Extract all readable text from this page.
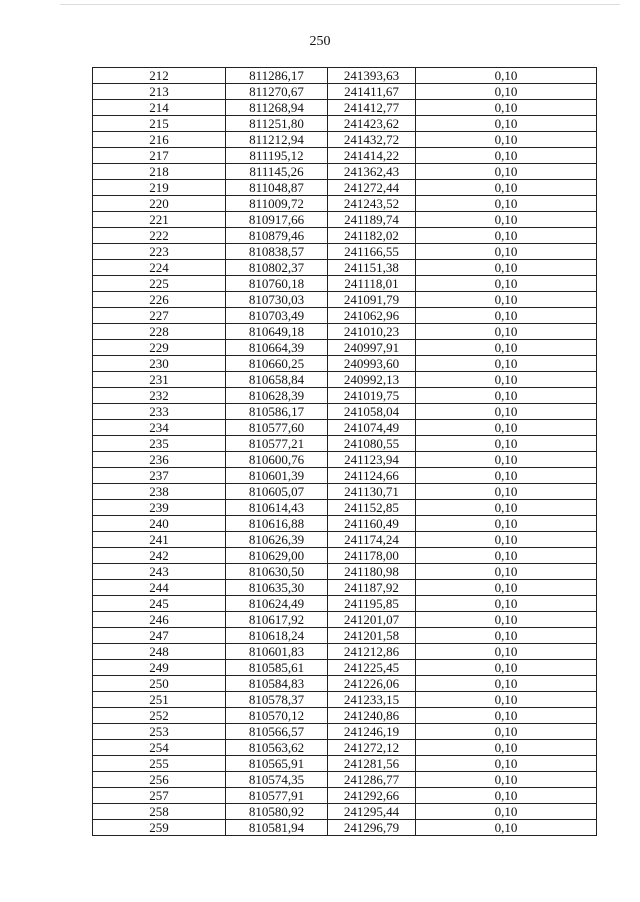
250
212	811286,17	241393,63	0,10
213	811270,67	241411,67	0,10
214	811268,94	241412,77	0,10
215	811251,80	241423,62	0,10
216	811212,94	241432,72	0,10
217	811195,12	241414,22	0,10
218	811145,26	241362,43	0,10
219	811048,87	241272,44	0,10
220	811009,72	241243,52	0,10
221	810917,66	241189,74	0,10
222	810879,46	241182,02	0,10
223	810838,57	241166,55	0,10
224	810802,37	241151,38	0,10
225	810760,18	241118,01	0,10
226	810730,03	241091,79	0,10
227	810703,49	241062,96	0,10
228	810649,18	241010,23	0,10
229	810664,39	240997,91	0,10
230	810660,25	240993,60	0,10
231	810658,84	240992,13	0,10
232	810628,39	241019,75	0,10
233	810586,17	241058,04	0,10
234	810577,60	241074,49	0,10
235	810577,21	241080,55	0,10
236	810600,76	241123,94	0,10
237	810601,39	241124,66	0,10
238	810605,07	241130,71	0,10
239	810614,43	241152,85	0,10
240	810616,88	241160,49	0,10
241	810626,39	241174,24	0,10
242	810629,00	241178,00	0,10
243	810630,50	241180,98	0,10
244	810635,30	241187,92	0,10
245	810624,49	241195,85	0,10
246	810617,92	241201,07	0,10
247	810618,24	241201,58	0,10
248	810601,83	241212,86	0,10
249	810585,61	241225,45	0,10
250	810584,83	241226,06	0,10
251	810578,37	241233,15	0,10
252	810570,12	241240,86	0,10
253	810566,57	241246,19	0,10
254	810563,62	241272,12	0,10
255	810565,91	241281,56	0,10
256	810574,35	241286,77	0,10
257	810577,91	241292,66	0,10
258	810580,92	241295,44	0,10
259	810581,94	241296,79	0,10
